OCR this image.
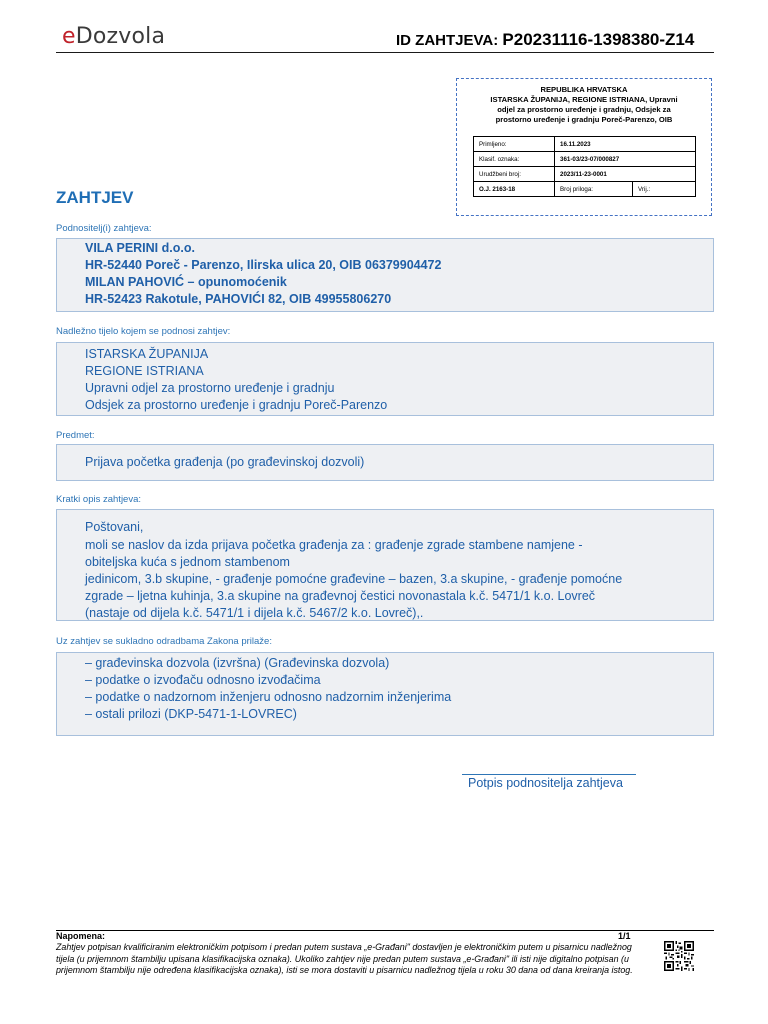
eDozvola	ID ZAHTJEVA: P20231116-1398380-Z14
REPUBLIKA HRVATSKA
ISTARSKA ŽUPANIJA, REGIONE ISTRIANA, Upravni
odjel za prostorno uređenje i gradnju, Odsjek za
prostorno uređenje i gradnju Poreč-Parenzo, OIB
Primljeno:	16.11.2023	
Klasif. oznaka:	361-03/23-07/000827	
Urudžbeni broj:	2023/11-23-0001	
O.J. 2163-18	Broj priloga:	Vrij.:
ZAHTJEV
Podnositelj(i) zahtjeva:
VILA PERINI d.o.o.
HR-52440 Poreč - Parenzo, Ilirska ulica 20, OIB 06379904472
MILAN PAHOVIĆ – opunomoćenik
HR-52423 Rakotule, PAHOVIĆI 82, OIB 49955806270
Nadležno tijelo kojem se podnosi zahtjev:
ISTARSKA ŽUPANIJA
REGIONE ISTRIANA
Upravni odjel za prostorno uređenje i gradnju
Odsjek za prostorno uređenje i gradnju Poreč-Parenzo
Predmet:
Prijava početka građenja (po građevinskoj dozvoli)
Kratki opis zahtjeva:
Poštovani,
moli se naslov da izda prijava početka građenja za : građenje zgrade stambene namjene -
obiteljska kuća s jednom stambenom
jedinicom, 3.b skupine, - građenje pomoćne građevine – bazen, 3.a skupine, - građenje pomoćne
zgrade – ljetna kuhinja, 3.a skupine na građevnoj čestici novonastala k.č. 5471/1 k.o. Lovreč
(nastaje od dijela k.č. 5471/1 i dijela k.č. 5467/2 k.o. Lovreč),.
Uz zahtjev se sukladno odradbama Zakona prilaže:
– građevinska dozvola (izvršna) (Građevinska dozvola)
– podatke o izvođaču odnosno izvođačima
– podatke o nadzornom inženjeru odnosno nadzornim inženjerima
– ostali prilozi (DKP-5471-1-LOVREC)
Potpis podnositelja zahtjeva
Napomena:	1/1
Zahtjev potpisan kvalificiranim elektroničkim potpisom i predan putem sustava „e-Građani" dostavljen je elektroničkim putem u pisarnicu nadležnog tijela (u prijemnom štambilju upisana klasifikacijska oznaka). Ukoliko zahtjev nije predan putem sustava „e-Građani" ili isti nije digitalno potpisan (u prijemnom štambilju nije određena klasifikacijska oznaka), isti se mora dostaviti u pisarnicu nadležnog tijela u roku 30 dana od dana kreiranja istog.
